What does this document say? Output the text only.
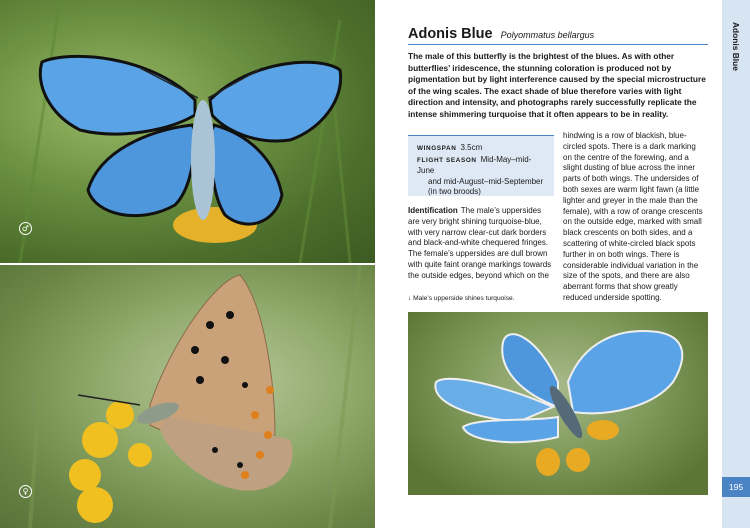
♂
♀
Adonis Blue Polyommatus bellargus
The male of this butterfly is the brightest of the blues. As with other butterflies’ iridescence, the stunning coloration is produced not by pigmentation but by light interference caused by the special microstructure of the wing scales. The exact shade of blue therefore varies with light direction and intensity, and photographs rarely successfully replicate the intense shimmering turquoise that it often appears to be in reality.
WINGSPAN 3.5cm
FLIGHT SEASON Mid-May–mid-June
and mid-August–mid-September
(in two broods)
Identification The male’s uppersides are very bright shining turquoise-blue, with very narrow clear-cut dark borders and black-and-white chequered fringes. The female’s uppersides are dull brown with quite faint orange markings towards the outside edges, beyond which on the
↓ Male’s upperside shines turquoise.
hindwing is a row of blackish, blue-circled spots. There is a dark marking on the centre of the forewing, and a slight dusting of blue across the inner parts of both wings. The undersides of both sexes are warm light fawn (a little lighter and greyer in the male than the female), with a row of orange crescents on the outside edge, marked with small black crescents on both sides, and a scattering of white-circled black spots further in on both wings. There is considerable individual variation in the size of the spots, and there are also aberrant forms that show greatly reduced underside spotting.
Adonis Blue
195
